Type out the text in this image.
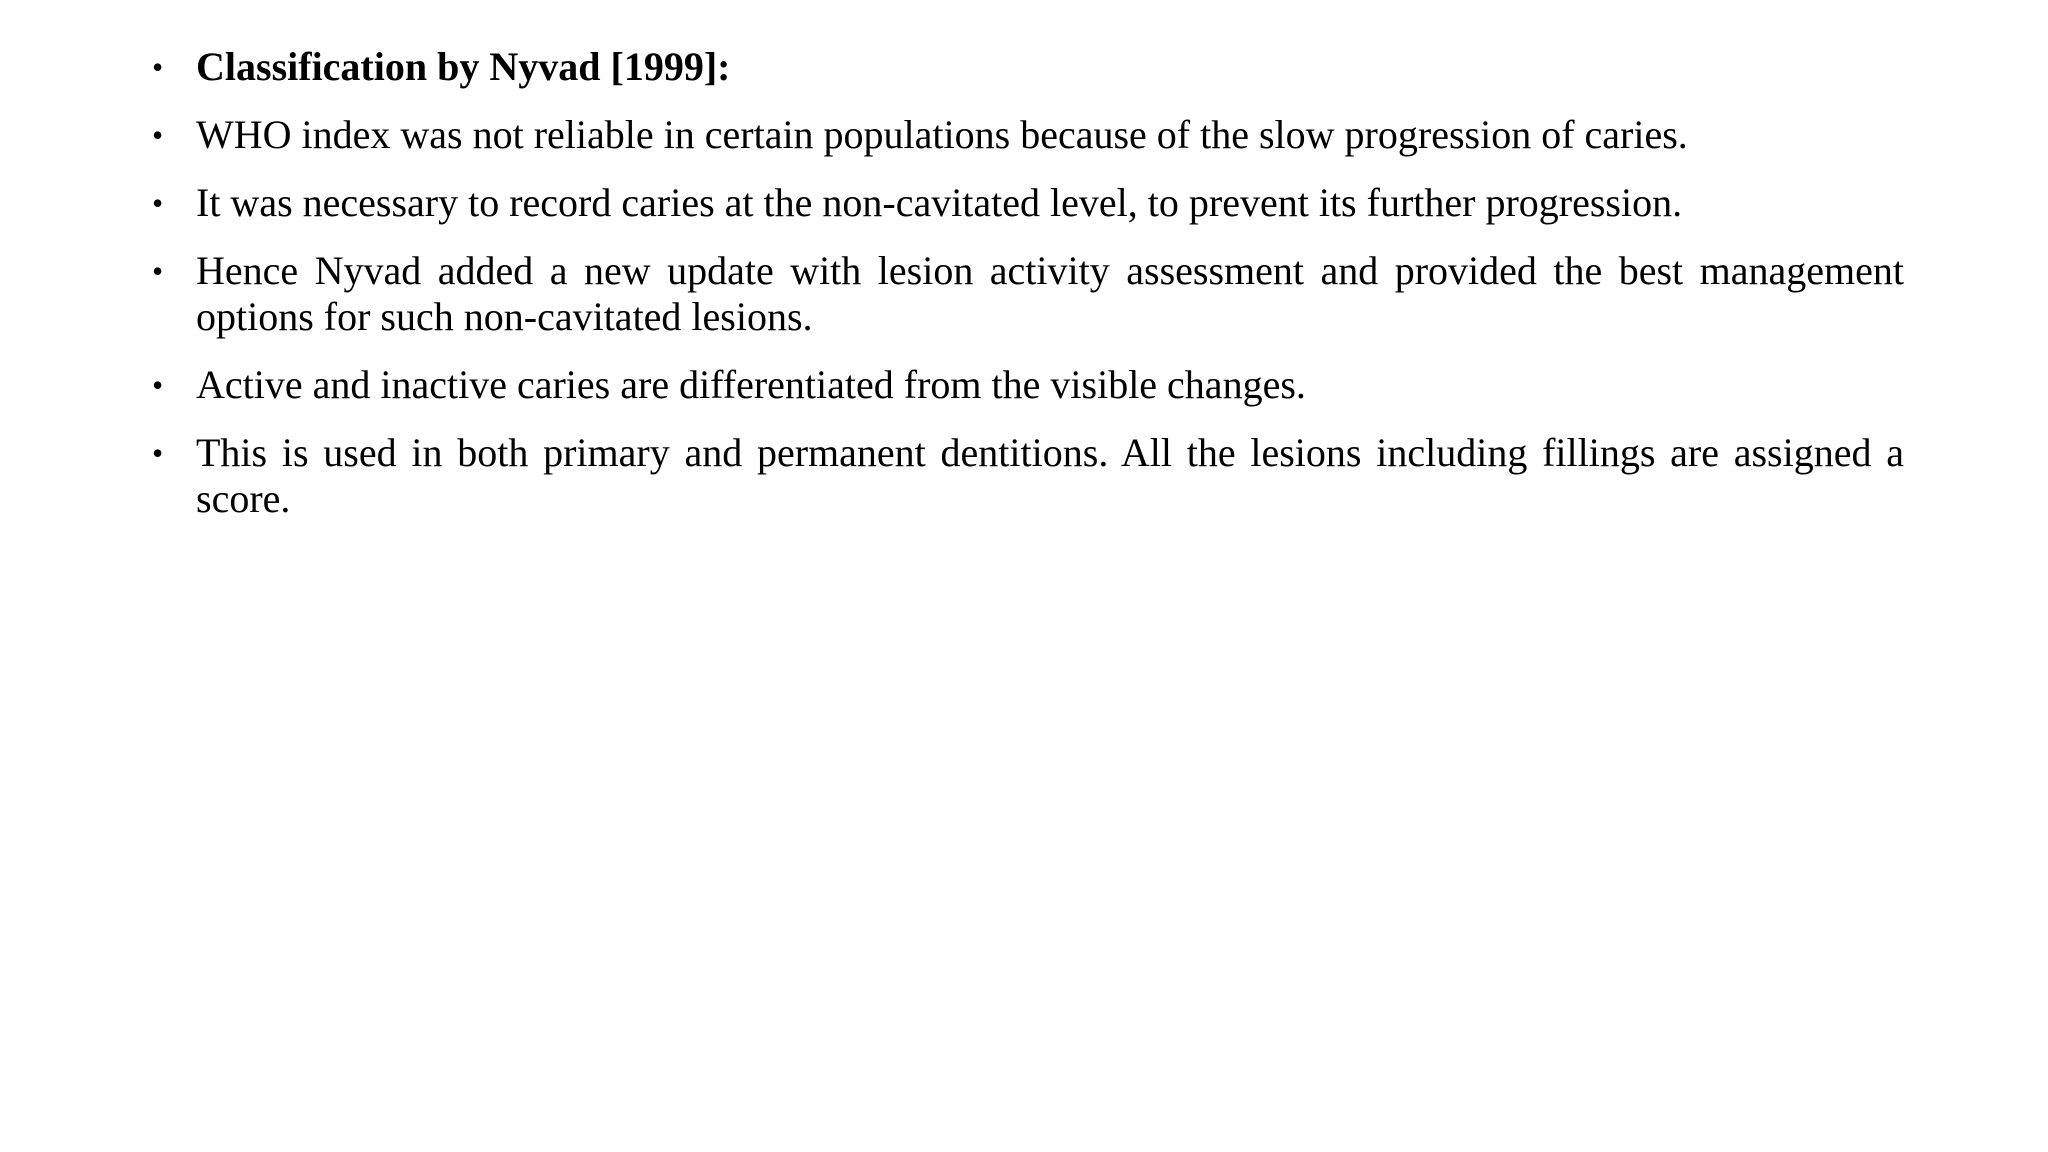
• Classification by Nyvad [1999]:
• WHO index was not reliable in certain populations because of the slow progression of caries.
• It was necessary to record caries at the non-cavitated level, to prevent its further progression.
• Hence Nyvad added a new update with lesion activity assessment and provided the best management options for such non-cavitated lesions.
• Active and inactive caries are differentiated from the visible changes.
• This is used in both primary and permanent dentitions. All the lesions including fillings are assigned a score.
